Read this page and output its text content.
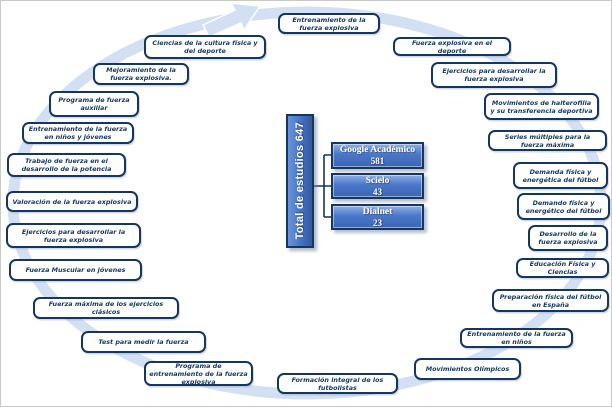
Entrenamiento de la fuerza explosiva
Fuerza explosiva en el deporte
Ejercicios para desarrollar la fuerza explosiva
Movimientos de halterofilia y su transferencia deportiva
Series múltiples para la fuerza máxima
Demanda física y energética del fútbol
Demando física y energético del fútbol
Desarrollo de la fuerza explosiva
Educación Física y Ciencias
Preparación física del fútbol en España
Entrenamiento de la fuerza en niños
Movimientos Olímpicos
Formación integral de los futbolistas
Programa de entrenamiento de la fuerza explosiva
Test para medir la fuerza
Fuerza máxima de los ejercicios clásicos
Fuerza Muscular en jóvenes
Ejercicios para desarrollar la fuerza explosiva
Valoración de la fuerza explosiva
Trabajo de fuerza en el desarrollo de la potencia
Entrenamiento de la fuerza en niños y jóvenes
Programa de fuerza auxiliar
Mejoramiento de la fuerza explosiva.
Ciencias de la cultura física y del deporte
Total de estudios 647	Google Académico
581
Scielo
43
Dialnet
23
